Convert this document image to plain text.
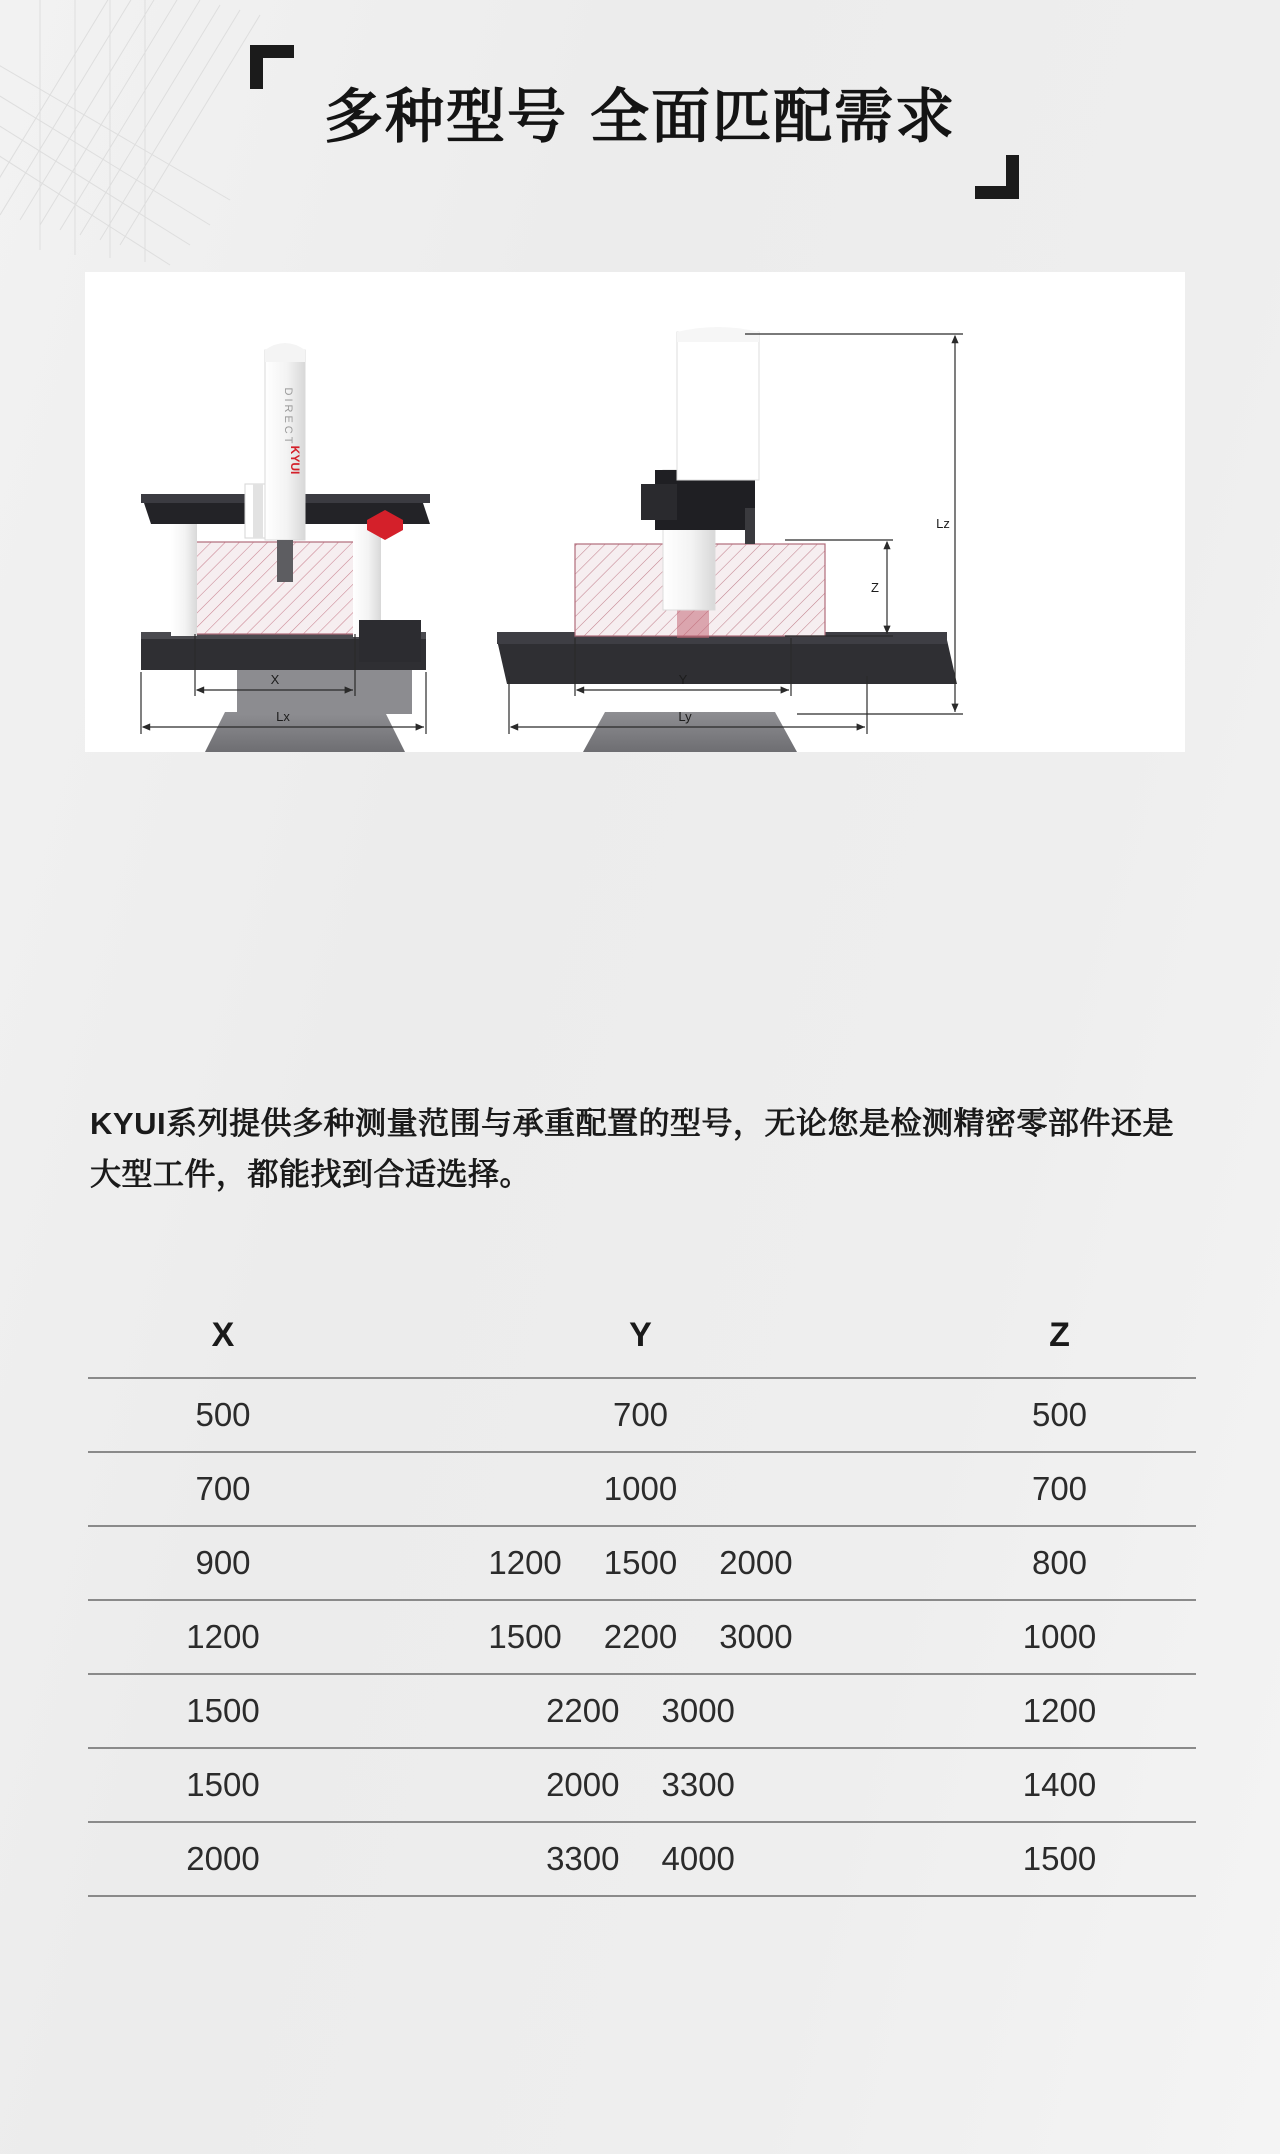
多种型号 全面匹配需求
DIRECT
KYUI
X
Lx
Y
Ly
Z
Lz
KYUI系列提供多种测量范围与承重配置的型号，无论您是检测精密零部件还是大型工件，都能找到合适选择。
X	Y	Z
500	700	500
700	1000	700
900	1200 1500 2000	800
1200	1500 2200 3000	1000
1500	2200 3000	1200
1500	2000 3300	1400
2000	3300 4000	1500
